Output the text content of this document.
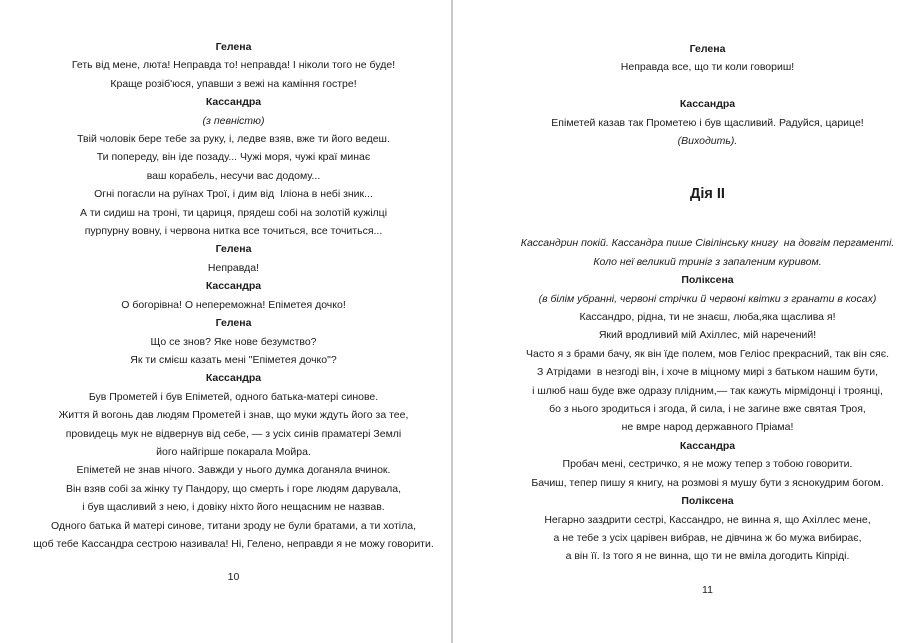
Гелена
Геть від мене, люта! Неправда то! неправда! І ніколи того не буде!
Краще розіб'юся, упавши з вежі на каміння гостре!
Кассандра
(з певністю)
Твій чоловік бере тебе за руку, і, ледве взяв, вже ти його ведеш.
Ти попереду, він іде позаду... Чужі моря, чужі краї минає
ваш корабель, несучи вас додому...
Огні погасли на руїнах Трої, і дим від  Іліона в небі зник...
А ти сидиш на троні, ти цариця, прядеш собі на золотій кужілці
пурпурну вовну, і червона нитка все точиться, все точиться...
Гелена
Неправда!
Кассандра
О богорівна! О непереможна! Епіметея дочко!
Гелена
Що се знов? Яке нове безумство?
Як ти смієш казать мені "Епіметея дочко"?
Кассандра
Був Прометей і був Епіметей, одного батька-матері синове.
Життя й вогонь дав людям Прометей і знав, що муки ждуть його за тее,
провидець мук не відвернув від себе, — з усіх синів праматері Землі
його найгірше покарала Мойра.
Епіметей не знав нічого. Завжди у нього думка доганяла вчинок.
Він взяв собі за жінку ту Пандору, що смерть і горе людям дарувала,
і був щасливий з нею, і довіку ніхто його нещасним не назвав.
Одного батька й матері синове, титани зроду не були братами, а ти хотіла,
щоб тебе Кассандра сестрою називала! Ні, Гелено, неправди я не можу говорити.
10
Гелена
Неправда все, що ти коли говориш!
Кассандра
Епіметей казав так Прометею і був щасливий. Радуйся, царице!
(Виходить).
Дія II
Кассандрин покій. Кассандра пише Сівілінську книгу  на довгім пергаменті.
Коло неї великий триніг з запаленим куривом.
Поліксена
(в білім убранні, червоні стрічки й червоні квітки з гранати в косах)
Кассандро, рідна, ти не знаєш, люба,яка щаслива я!
Який вродливий мій Ахіллес, мій наречений!
Часто я з брами бачу, як він їде полем, мов Геліос прекрасний, так він сяє.
З Атрідами  в незгоді він, і хоче в міцному мирі з батьком нашим бути,
і шлюб наш буде вже одразу плідним,— так кажуть мірмідонці і троянці,
бо з нього зродиться і згода, й сила, і не загине вже святая Троя,
не вмре народ державного Пріама!
Кассандра
Пробач мені, сестричко, я не можу тепер з тобою говорити.
Бачиш, тепер пишу я книгу, на розмові я мушу бути з яснокудрим богом.
Поліксена
Негарно заздрити сестрі, Кассандро, не винна я, що Ахіллес мене,
а не тебе з усіх царівен вибрав, не дівчина ж бо мужа вибирає,
а він її. Із того я не винна, що ти не вміла догодить Кіпріді.
11
